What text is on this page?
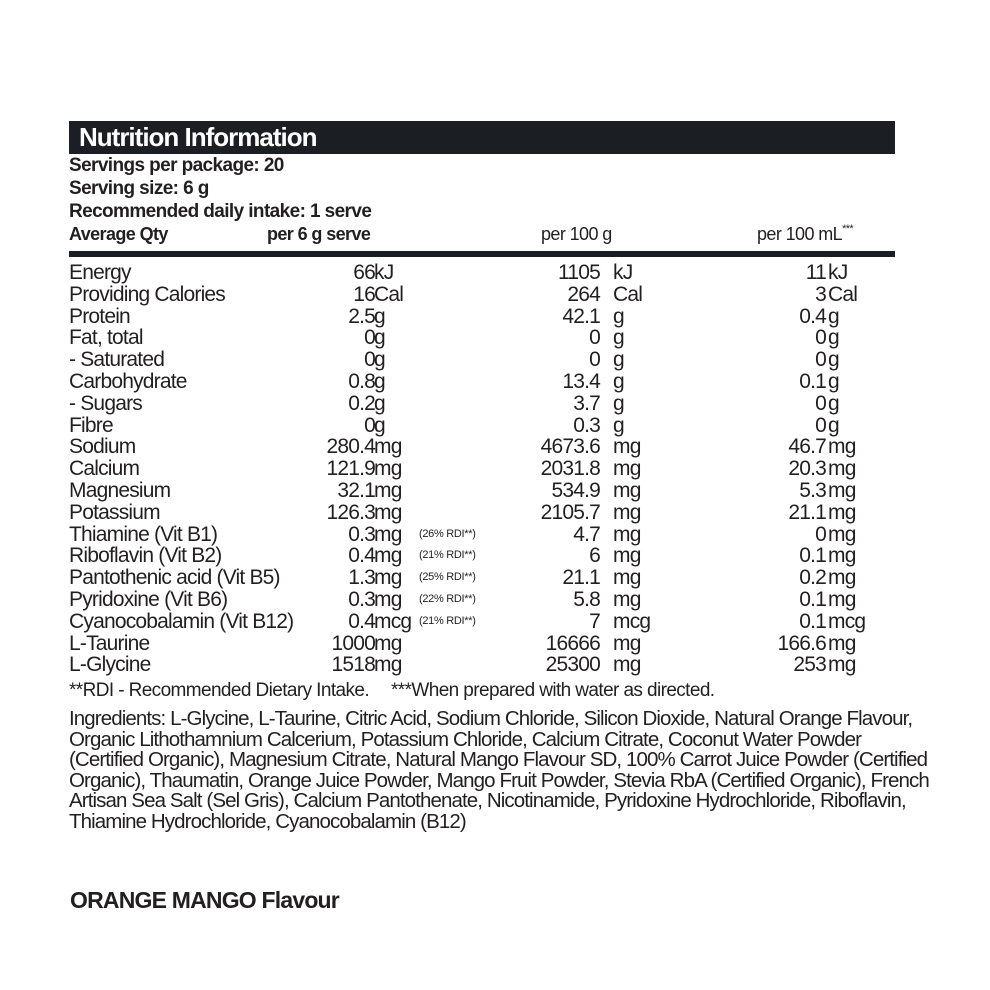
Nutrition Information
Servings per package: 20
Serving size: 6 g
Recommended daily intake: 1 serve
Average Qty	per 6 g serve	per 100 g	per 100 mL***
Energy	66 kJ	1105 kJ	11 kJ
Providing Calories	16 Cal	264 Cal	3 Cal
Protein	2.5 g	42.1 g	0.4 g
Fat, total	0 g	0 g	0 g
- Saturated	0 g	0 g	0 g
Carbohydrate	0.8 g	13.4 g	0.1 g
- Sugars	0.2 g	3.7 g	0 g
Fibre	0 g	0.3 g	0 g
Sodium	280.4 mg	4673.6 mg	46.7 mg
Calcium	121.9 mg	2031.8 mg	20.3 mg
Magnesium	32.1 mg	534.9 mg	5.3 mg
Potassium	126.3 mg	2105.7 mg	21.1 mg
Thiamine (Vit B1)	0.3 mg (26% RDI**)	4.7 mg	0 mg
Riboflavin (Vit B2)	0.4 mg (21% RDI**)	6 mg	0.1 mg
Pantothenic acid (Vit B5)	1.3 mg (25% RDI**)	21.1 mg	0.2 mg
Pyridoxine (Vit B6)	0.3 mg (22% RDI**)	5.8 mg	0.1 mg
Cyanocobalamin (Vit B12)	0.4 mcg (21% RDI**)	7 mcg	0.1 mcg
L-Taurine	1000 mg	16666 mg	166.6 mg
L-Glycine	1518 mg	25300 mg	253 mg
**RDI - Recommended Dietary Intake. ***When prepared with water as directed.
Ingredients: L-Glycine, L-Taurine, Citric Acid, Sodium Chloride, Silicon Dioxide, Natural Orange Flavour, Organic Lithothamnium Calcerium, Potassium Chloride, Calcium Citrate, Coconut Water Powder (Certified Organic), Magnesium Citrate, Natural Mango Flavour SD, 100% Carrot Juice Powder (Certified Organic), Thaumatin, Orange Juice Powder, Mango Fruit Powder, Stevia RbA (Certified Organic), French Artisan Sea Salt (Sel Gris), Calcium Pantothenate, Nicotinamide, Pyridoxine Hydrochloride, Riboflavin, Thiamine Hydrochloride, Cyanocobalamin (B12)
ORANGE MANGO Flavour
